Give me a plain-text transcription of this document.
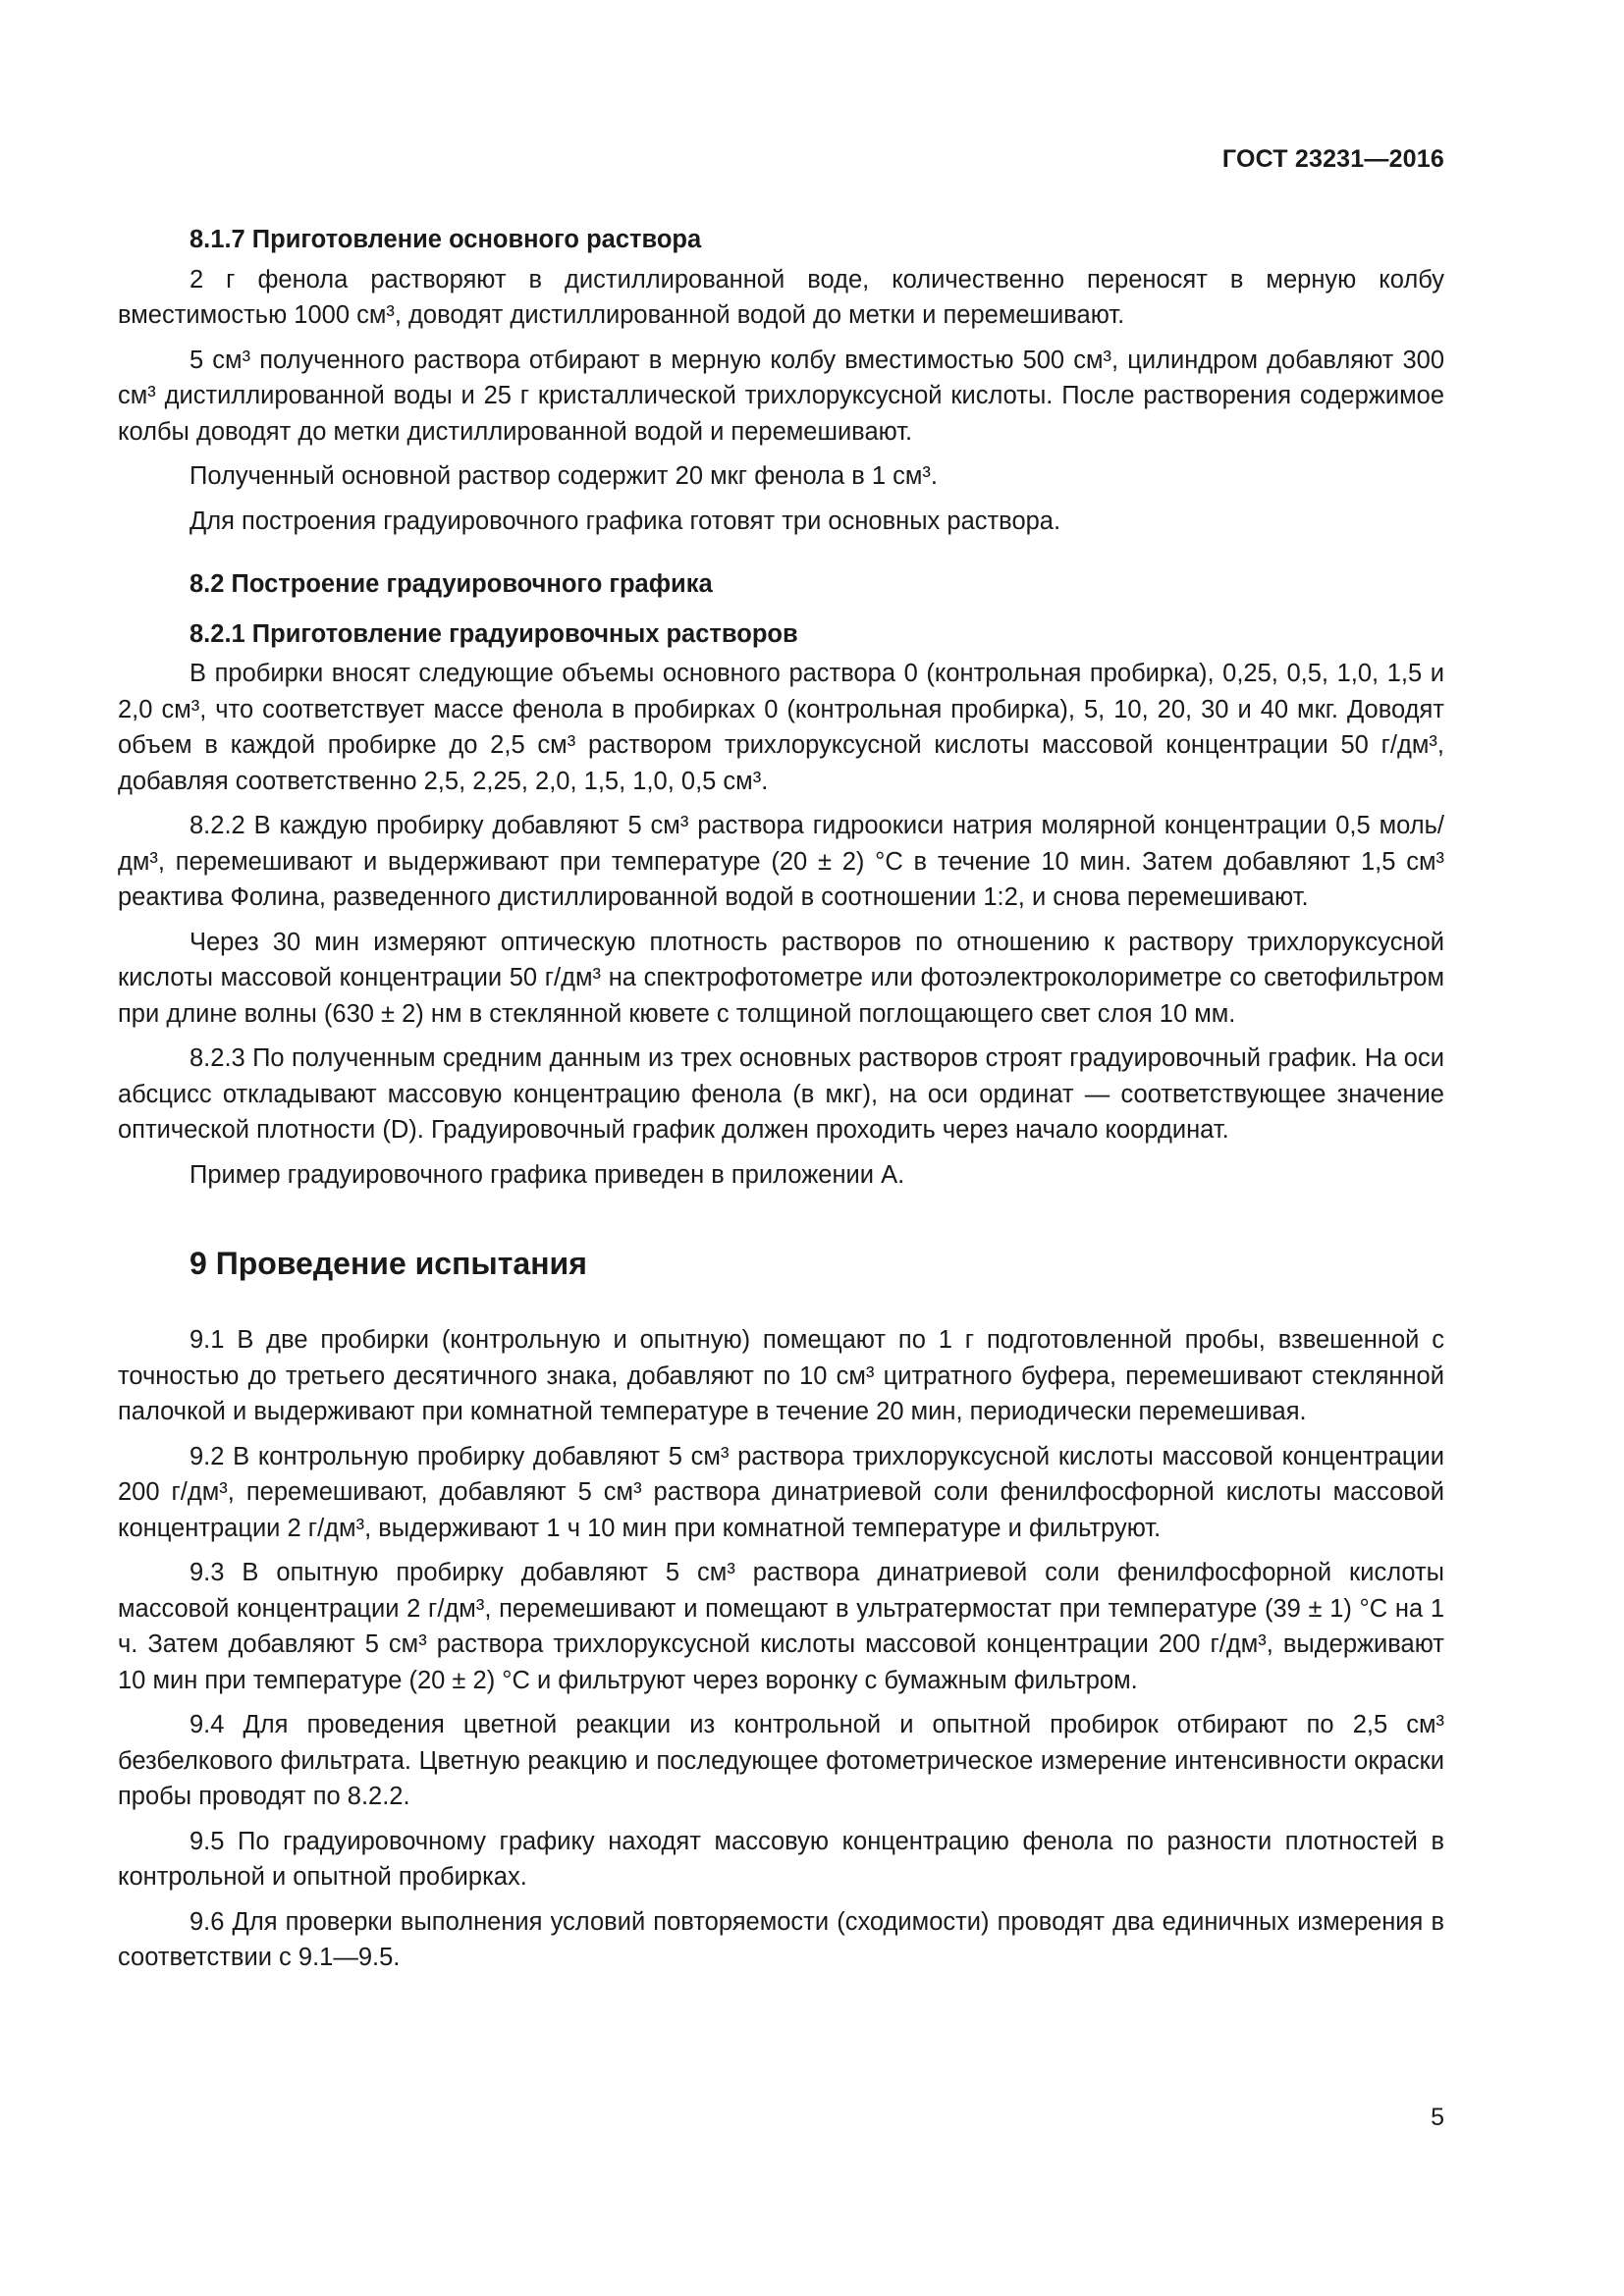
ГОСТ 23231—2016
8.1.7 Приготовление основного раствора

2 г фенола растворяют в дистиллированной воде, количественно переносят в мерную колбу вместимостью 1000 см³, доводят дистиллированной водой до метки и перемешивают.

5 см³ полученного раствора отбирают в мерную колбу вместимостью 500 см³, цилиндром добавляют 300 см³ дистиллированной воды и 25 г кристаллической трихлоруксусной кислоты. После растворения содержимое колбы доводят до метки дистиллированной водой и перемешивают.

Полученный основной раствор содержит 20 мкг фенола в 1 см³.

Для построения градуировочного графика готовят три основных раствора.

8.2 Построение градуировочного графика
8.2.1 Приготовление градуировочных растворов

В пробирки вносят следующие объемы основного раствора 0 (контрольная пробирка), 0,25, 0,5, 1,0, 1,5 и 2,0 см³, что соответствует массе фенола в пробирках 0 (контрольная пробирка), 5, 10, 20, 30 и 40 мкг. Доводят объем в каждой пробирке до 2,5 см³ раствором трихлоруксусной кислоты массовой концентрации 50 г/дм³, добавляя соответственно 2,5, 2,25, 2,0, 1,5, 1,0, 0,5 см³.

8.2.2 В каждую пробирку добавляют 5 см³ раствора гидроокиси натрия молярной концентрации 0,5 моль/дм³, перемешивают и выдерживают при температуре (20 ± 2) °С в течение 10 мин. Затем добавляют 1,5 см³ реактива Фолина, разведенного дистиллированной водой в соотношении 1:2, и снова перемешивают.

Через 30 мин измеряют оптическую плотность растворов по отношению к раствору трихлоруксусной кислоты массовой концентрации 50 г/дм³ на спектрофотометре или фотоэлектроколориметре со светофильтром при длине волны (630 ± 2) нм в стеклянной кювете с толщиной поглощающего свет слоя 10 мм.

8.2.3 По полученным средним данным из трех основных растворов строят градуировочный график. На оси абсцисс откладывают массовую концентрацию фенола (в мкг), на оси ординат — соответствующее значение оптической плотности (D). Градуировочный график должен проходить через начало координат.

Пример градуировочного графика приведен в приложении А.

9 Проведение испытания

9.1 В две пробирки (контрольную и опытную) помещают по 1 г подготовленной пробы, взвешенной с точностью до третьего десятичного знака, добавляют по 10 см³ цитратного буфера, перемешивают стеклянной палочкой и выдерживают при комнатной температуре в течение 20 мин, периодически перемешивая.

9.2 В контрольную пробирку добавляют 5 см³ раствора трихлоруксусной кислоты массовой концентрации 200 г/дм³, перемешивают, добавляют 5 см³ раствора динатриевой соли фенилфосфорной кислоты массовой концентрации 2 г/дм³, выдерживают 1 ч 10 мин при комнатной температуре и фильтруют.

9.3 В опытную пробирку добавляют 5 см³ раствора динатриевой соли фенилфосфорной кислоты массовой концентрации 2 г/дм³, перемешивают и помещают в ультратермостат при температуре (39 ± 1) °С на 1 ч. Затем добавляют 5 см³ раствора трихлоруксусной кислоты массовой концентрации 200 г/дм³, выдерживают 10 мин при температуре (20 ± 2) °С и фильтруют через воронку с бумажным фильтром.

9.4 Для проведения цветной реакции из контрольной и опытной пробирок отбирают по 2,5 см³ безбелкового фильтрата. Цветную реакцию и последующее фотометрическое измерение интенсивности окраски пробы проводят по 8.2.2.

9.5 По градуировочному графику находят массовую концентрацию фенола по разности плотностей в контрольной и опытной пробирках.

9.6 Для проверки выполнения условий повторяемости (сходимости) проводят два единичных измерения в соответствии с 9.1—9.5.

5
